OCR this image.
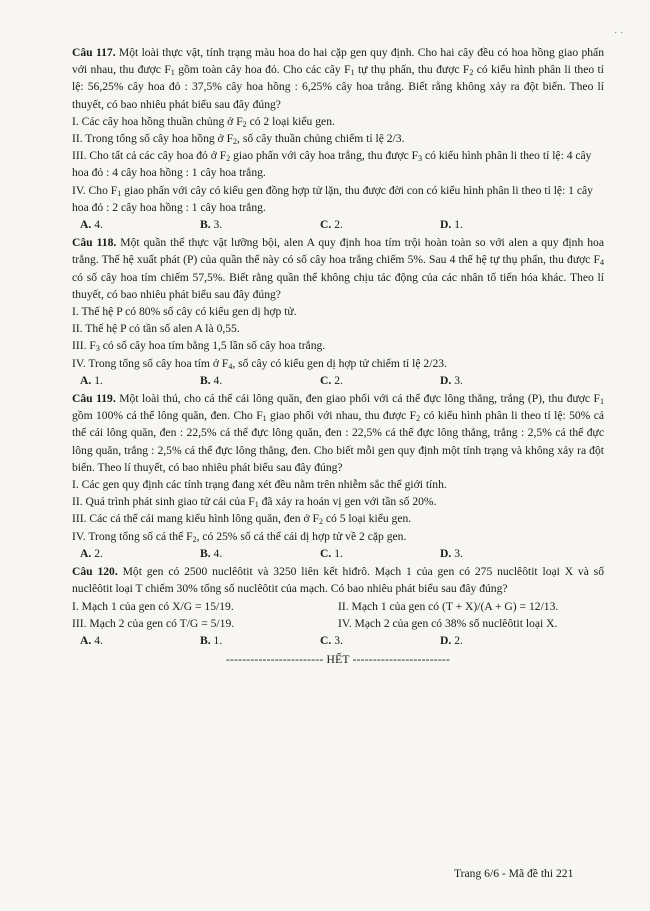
· ·

Câu 117. Một loài thực vật, tính trạng màu hoa do hai cặp gen quy định. Cho hai cây đều có hoa hồng giao phấn với nhau, thu được $F_1$ gồm toàn cây hoa đỏ. Cho các cây $F_1$ tự thụ phấn, thu được $F_2$ có kiểu hình phân li theo tỉ lệ: 56,25% cây hoa đỏ : 37,5% cây hoa hồng : 6,25% cây hoa trắng. Biết rằng không xảy ra đột biến. Theo lí thuyết, có bao nhiêu phát biểu sau đây đúng?

I. Các cây hoa hồng thuần chủng ở $F_2$ có 2 loại kiểu gen.
II. Trong tổng số cây hoa hồng ở $F_2$, số cây thuần chủng chiếm tỉ lệ 2/3.
III. Cho tất cả các cây hoa đỏ ở $F_2$ giao phấn với cây hoa trắng, thu được $F_3$ có kiểu hình phân li theo tỉ lệ: 4 cây hoa đỏ : 4 cây hoa hồng : 1 cây hoa trắng.
IV. Cho $F_1$ giao phấn với cây có kiểu gen đồng hợp tử lặn, thu được đời con có kiểu hình phân li theo tỉ lệ: 1 cây hoa đỏ : 2 cây hoa hồng : 1 cây hoa trắng.
A. 4.	B. 3.	C. 2.	D. 1.

Câu 118. Một quần thể thực vật lưỡng bội, alen A quy định hoa tím trội hoàn toàn so với alen a quy định hoa trắng. Thế hệ xuất phát (P) của quần thể này có số cây hoa trắng chiếm 5%. Sau 4 thế hệ tự thụ phấn, thu được $F_4$ có số cây hoa tím chiếm 57,5%. Biết rằng quần thể không chịu tác động của các nhân tố tiến hóa khác. Theo lí thuyết, có bao nhiêu phát biểu sau đây đúng?

I. Thế hệ P có 80% số cây có kiểu gen dị hợp tử.
II. Thế hệ P có tần số alen A là 0,55.
III. $F_3$ có số cây hoa tím bằng 1,5 lần số cây hoa trắng.
IV. Trong tổng số cây hoa tím ở $F_4$, số cây có kiểu gen dị hợp tử chiếm tỉ lệ 2/23.
A. 1.	B. 4.	C. 2.	D. 3.

Câu 119. Một loài thú, cho cá thể cái lông quăn, đen giao phối với cá thể đực lông thẳng, trắng (P), thu được $F_1$ gồm 100% cá thể lông quăn, đen. Cho $F_1$ giao phối với nhau, thu được $F_2$ có kiểu hình phân li theo tỉ lệ: 50% cá thể cái lông quăn, đen : 22,5% cá thể đực lông quăn, đen : 22,5% cá thể đực lông thẳng, trắng : 2,5% cá thể đực lông quăn, trắng : 2,5% cá thể đực lông thẳng, đen. Cho biết mỗi gen quy định một tính trạng và không xảy ra đột biến. Theo lí thuyết, có bao nhiêu phát biểu sau đây đúng?

I. Các gen quy định các tính trạng đang xét đều nằm trên nhiễm sắc thể giới tính.
II. Quá trình phát sinh giao tử cái của $F_1$ đã xảy ra hoán vị gen với tần số 20%.
III. Các cá thể cái mang kiểu hình lông quăn, đen ở $F_2$ có 5 loại kiểu gen.
IV. Trong tổng số cá thể $F_2$, có 25% số cá thể cái dị hợp tử về 2 cặp gen.
A. 2.	B. 4.	C. 1.	D. 3.

Câu 120. Một gen có 2500 nuclêôtit và 3250 liên kết hiđrô. Mạch 1 của gen có 275 nuclêôtit loại X và số nuclêôtit loại T chiếm 30% tổng số nuclêôtit của mạch. Có bao nhiêu phát biểu sau đây đúng?

I. Mạch 1 của gen có X/G = 15/19.	II. Mạch 1 của gen có (T + X)/(A + G) = 12/13.
III. Mạch 2 của gen có T/G = 5/19.	IV. Mạch 2 của gen có 38% số nuclêôtit loại X.
A. 4.	B. 1.	C. 3.	D. 2.
------------------------ HẾT ------------------------
Trang 6/6 - Mã đề thi 221
